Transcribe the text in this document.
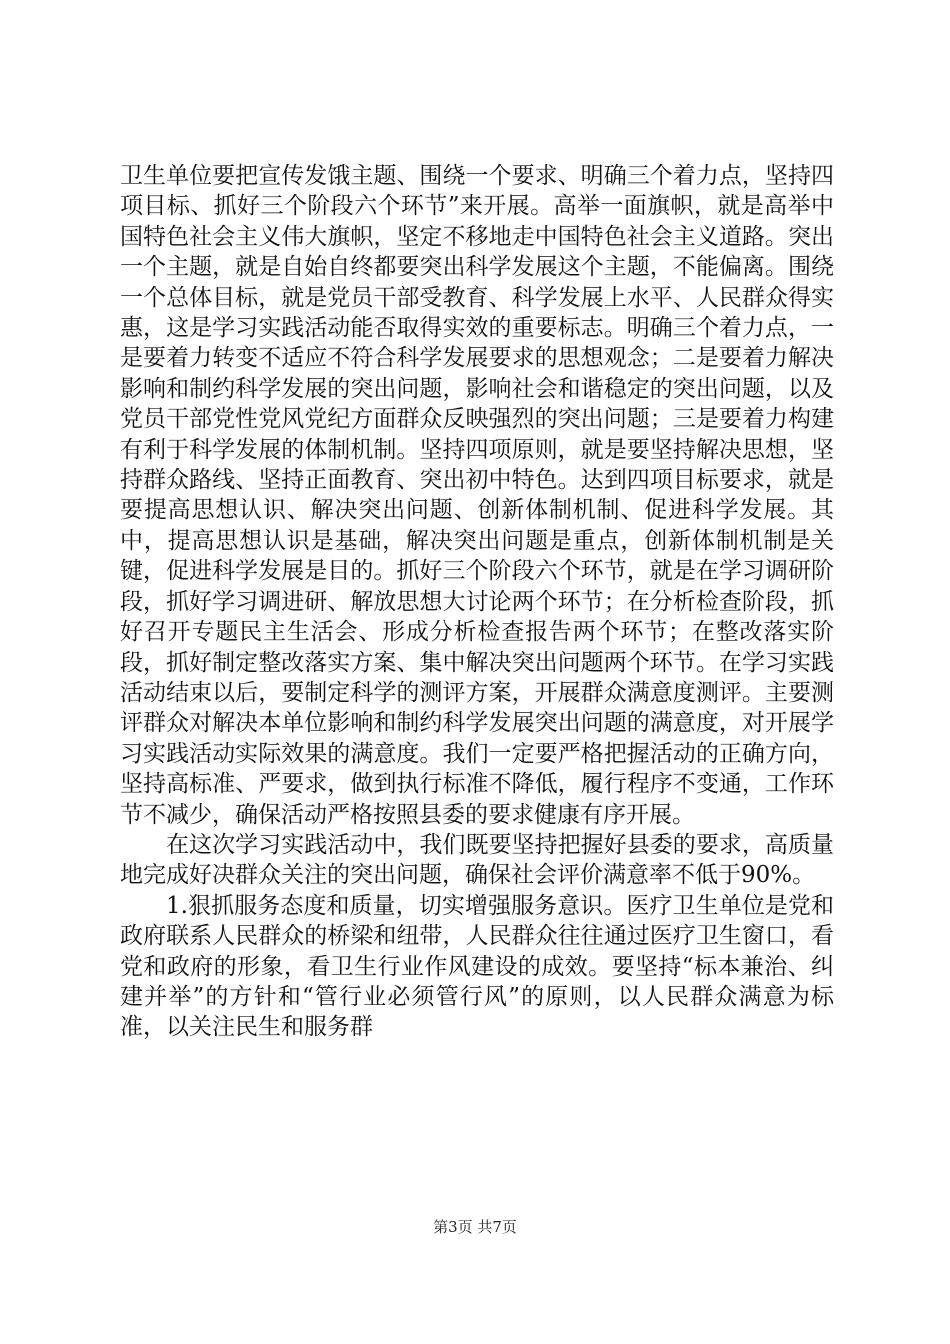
卫生单位要把宣传发饿主题、围绕一个要求、明确三个着力点，坚持四项目标、抓好三个阶段六个环节”来开展。高举一面旗帜，就是高举中国特色社会主义伟大旗帜，坚定不移地走中国特色社会主义道路。突出一个主题，就是自始自终都要突出科学发展这个主题，不能偏离。围绕一个总体目标，就是党员干部受教育、科学发展上水平、人民群众得实惠，这是学习实践活动能否取得实效的重要标志。明确三个着力点，一是要着力转变不适应不符合科学发展要求的思想观念；二是要着力解决影响和制约科学发展的突出问题，影响社会和谐稳定的突出问题，以及党员干部党性党风党纪方面群众反映强烈的突出问题；三是要着力构建有利于科学发展的体制机制。坚持四项原则，就是要坚持解决思想，坚持群众路线、坚持正面教育、突出初中特色。达到四项目标要求，就是要提高思想认识、解决突出问题、创新体制机制、促进科学发展。其中，提高思想认识是基础，解决突出问题是重点，创新体制机制是关键，促进科学发展是目的。抓好三个阶段六个环节，就是在学习调研阶段，抓好学习调进研、解放思想大讨论两个环节；在分析检查阶段，抓好召开专题民主生活会、形成分析检查报告两个环节；在整改落实阶段，抓好制定整改落实方案、集中解决突出问题两个环节。在学习实践活动结束以后，要制定科学的测评方案，开展群众满意度测评。主要测评群众对解决本单位影响和制约科学发展突出问题的满意度，对开展学习实践活动实际效果的满意度。我们一定要严格把握活动的正确方向，坚持高标准、严要求，做到执行标准不降低，履行程序不变通，工作环节不减少，确保活动严格按照县委的要求健康有序开展。

在这次学习实践活动中，我们既要坚持把握好县委的要求，高质量地完成好决群众关注的突出问题，确保社会评价满意率不低于90%。

1.狠抓服务态度和质量，切实增强服务意识。医疗卫生单位是党和政府联系人民群众的桥梁和纽带，人民群众往往通过医疗卫生窗口，看党和政府的形象，看卫生行业作风建设的成效。要坚持“标本兼治、纠建并举”的方针和“管行业必须管行风”的原则，以人民群众满意为标准，以关注民生和服务群

第3页 共7页
